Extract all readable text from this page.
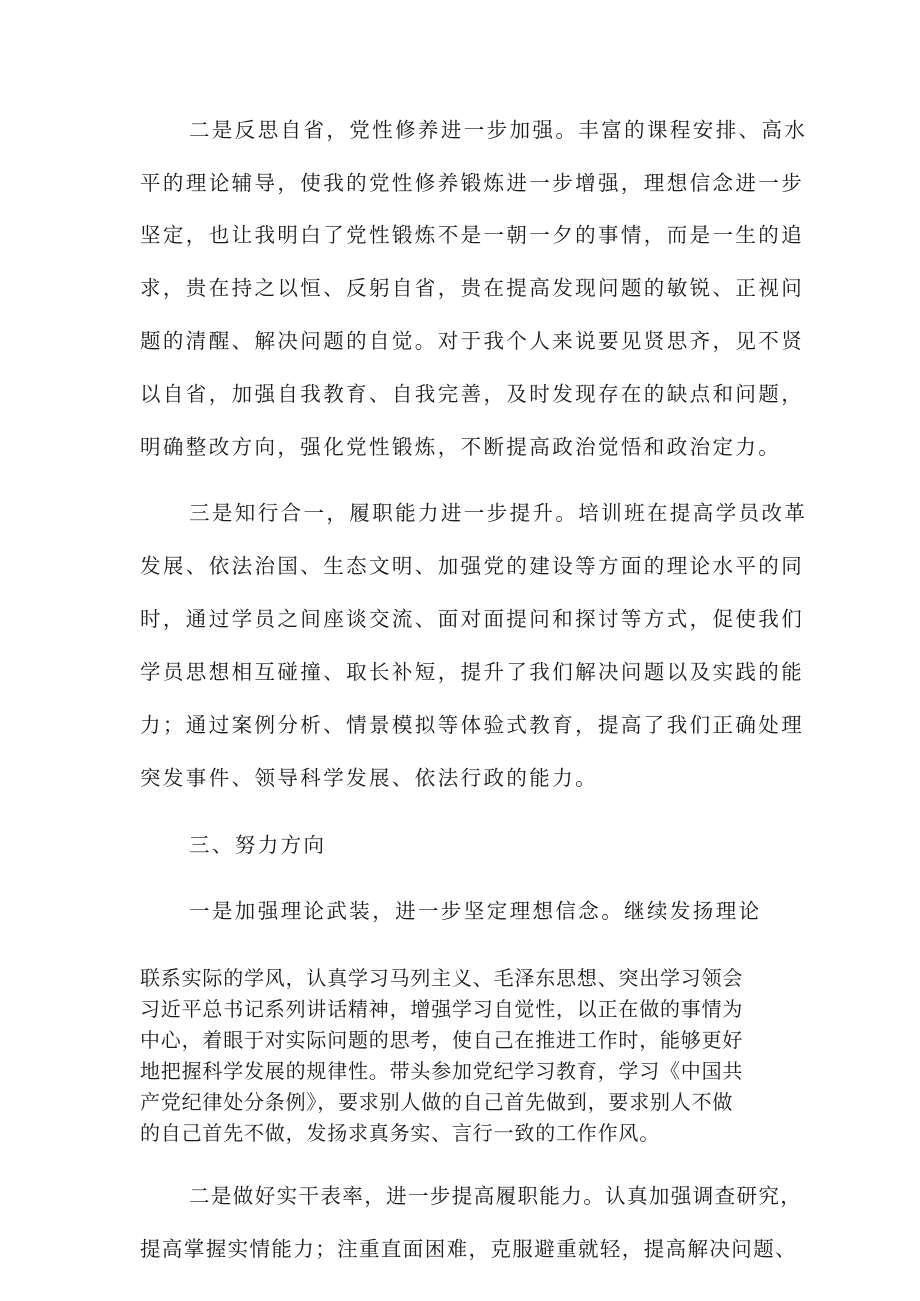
二是反思自省，党性修养进一步加强。丰富的课程安排、高水
平的理论辅导，使我的党性修养锻炼进一步增强，理想信念进一步
坚定，也让我明白了党性锻炼不是一朝一夕的事情，而是一生的追
求，贵在持之以恒、反躬自省，贵在提高发现问题的敏锐、正视问
题的清醒、解决问题的自觉。对于我个人来说要见贤思齐，见不贤
以自省，加强自我教育、自我完善，及时发现存在的缺点和问题，
明确整改方向，强化党性锻炼，不断提高政治觉悟和政治定力。
三是知行合一，履职能力进一步提升。培训班在提高学员改革
发展、依法治国、生态文明、加强党的建设等方面的理论水平的同
时，通过学员之间座谈交流、面对面提问和探讨等方式，促使我们
学员思想相互碰撞、取长补短，提升了我们解决问题以及实践的能
力；通过案例分析、情景模拟等体验式教育，提高了我们正确处理
突发事件、领导科学发展、依法行政的能力。
三、努力方向
一是加强理论武装，进一步坚定理想信念。继续发扬理论
联系实际的学风，认真学习马列主义、毛泽东思想、突出学习领会
习近平总书记系列讲话精神，增强学习自觉性，以正在做的事情为
中心，着眼于对实际问题的思考，使自己在推进工作时，能够更好
地把握科学发展的规律性。带头参加党纪学习教育，学习《中国共
产党纪律处分条例》，要求别人做的自己首先做到，要求别人不做
的自己首先不做，发扬求真务实、言行一致的工作作风。
二是做好实干表率，进一步提高履职能力。认真加强调查研究，
提高掌握实情能力；注重直面困难，克服避重就轻，提高解决问题、
